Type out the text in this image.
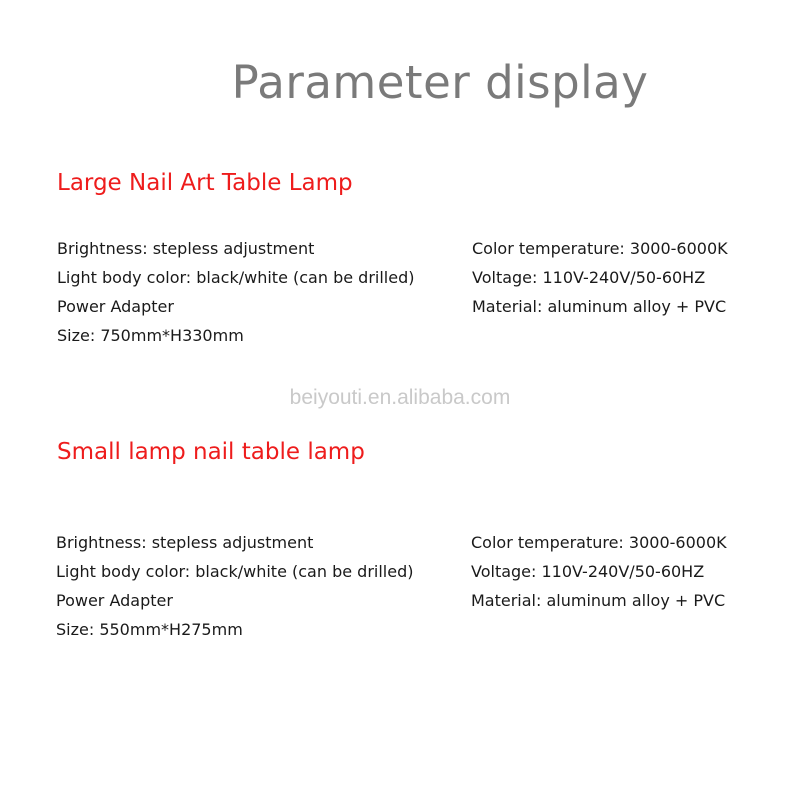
Parameter display
Large Nail Art Table Lamp
Brightness: stepless adjustment
Light body color: black/white (can be drilled)
Power Adapter
Size: 750mm*H330mm
Color temperature: 3000-6000K
Voltage: 110V-240V/50-60HZ
Material: aluminum alloy + PVC
beiyouti.en.alibaba.com
Small lamp nail table lamp
Brightness: stepless adjustment
Light body color: black/white (can be drilled)
Power Adapter
Size: 550mm*H275mm
Color temperature: 3000-6000K
Voltage: 110V-240V/50-60HZ
Material: aluminum alloy + PVC
